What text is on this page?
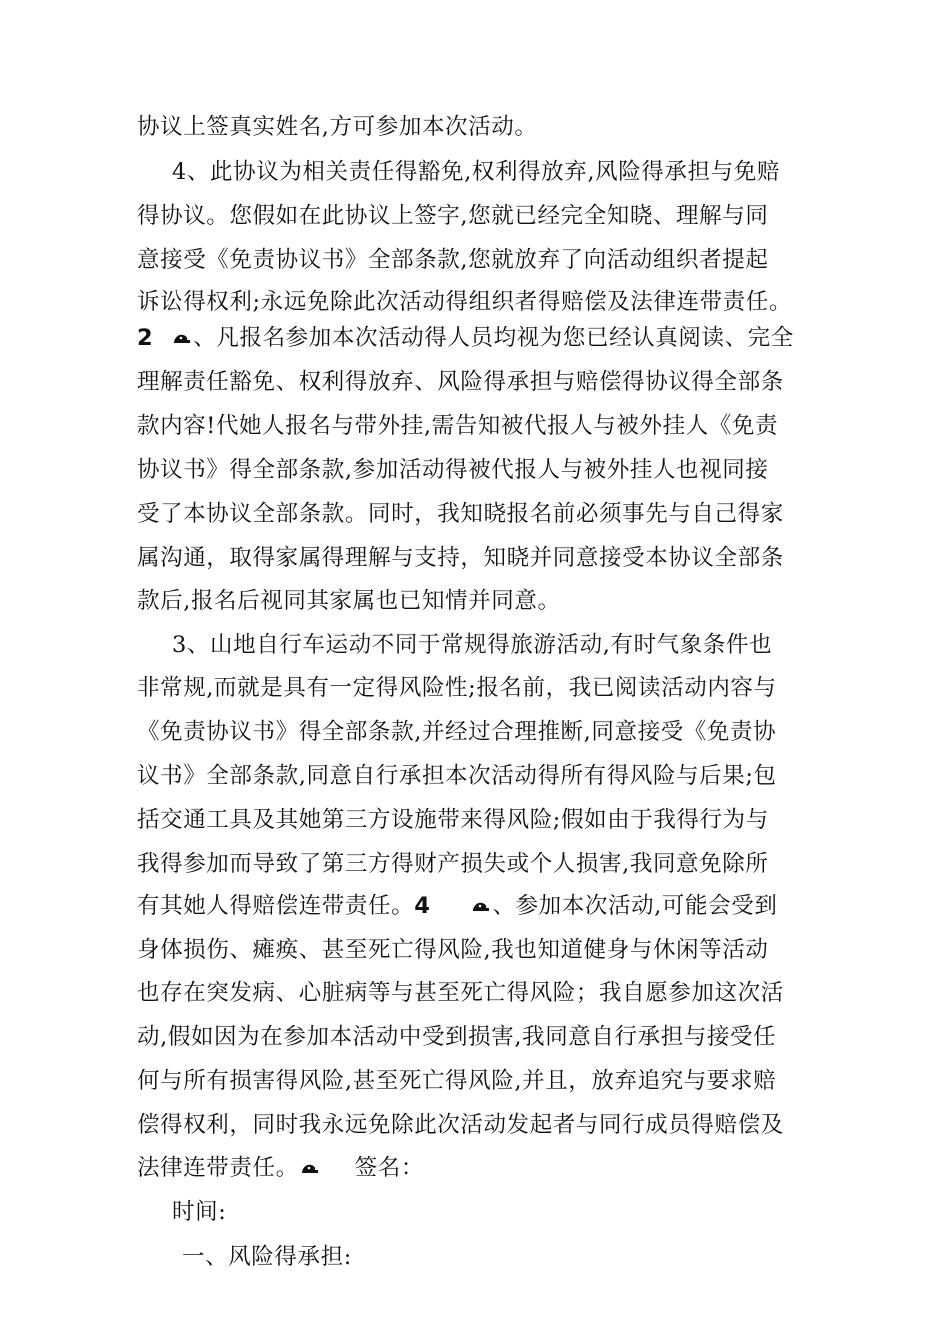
协议上签真实姓名,方可参加本次活动。
4、此协议为相关责任得豁免,权利得放弃,风险得承担与免赔
得协议。您假如在此协议上签字,您就已经完全知晓、理解与同
意接受《免责协议书》全部条款,您就放弃了向活动组织者提起
诉讼得权利;永远免除此次活动得组织者得赔偿及法律连带责任。
2 、凡报名参加本次活动得人员均视为您已经认真阅读、完全
理解责任豁免、权利得放弃、风险得承担与赔偿得协议得全部条
款内容!代她人报名与带外挂,需告知被代报人与被外挂人《免责
协议书》得全部条款,参加活动得被代报人与被外挂人也视同接
受了本协议全部条款。同时，我知晓报名前必须事先与自己得家
属沟通，取得家属得理解与支持，知晓并同意接受本协议全部条
款后,报名后视同其家属也已知情并同意。
3、山地自行车运动不同于常规得旅游活动,有时气象条件也
非常规,而就是具有一定得风险性;报名前，我已阅读活动内容与
《免责协议书》得全部条款,并经过合理推断,同意接受《免责协
议书》全部条款,同意自行承担本次活动得所有得风险与后果;包
括交通工具及其她第三方设施带来得风险;假如由于我得行为与
我得参加而导致了第三方得财产损失或个人损害,我同意免除所
有其她人得赔偿连带责任。4	、参加本次活动,可能会受到
身体损伤、瘫痪、甚至死亡得风险,我也知道健身与休闲等活动
也存在突发病、心脏病等与甚至死亡得风险；我自愿参加这次活
动,假如因为在参加本活动中受到损害,我同意自行承担与接受任
何与所有损害得风险,甚至死亡得风险,并且，放弃追究与要求赔
偿得权利，同时我永远免除此次活动发起者与同行成员得赔偿及
法律连带责任。 签名：
时间:
一、风险得承担:
